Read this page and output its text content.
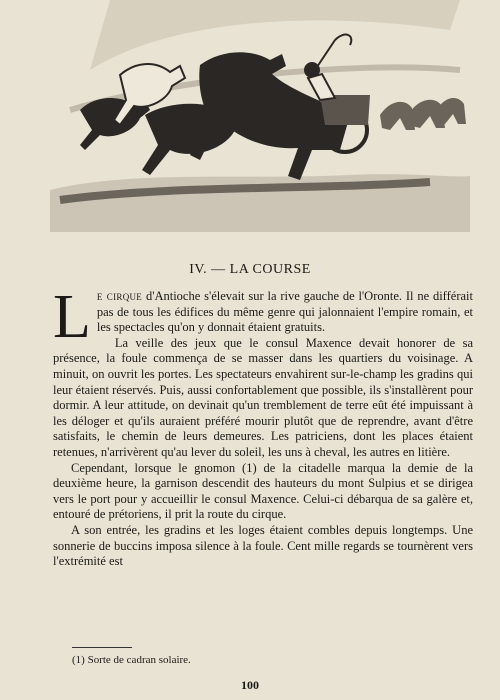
IV. — LA COURSE

Le cirque d'Antioche s'élevait sur la rive gauche de l'Oronte. Il ne différait pas de tous les édifices du même genre qui jalonnaient l'empire romain, et les spectacles qu'on y donnait étaient gratuits.

La veille des jeux que le consul Maxence devait honorer de sa présence, la foule commença de se masser dans les quartiers du voisinage. A minuit, on ouvrit les portes. Les spectateurs envahirent sur-le-champ les gradins qui leur étaient réservés. Puis, aussi confortablement que possible, ils s'installèrent pour dormir. A leur attitude, on devinait qu'un tremblement de terre eût été impuissant à les déloger et qu'ils auraient préféré mourir plutôt que de reprendre, avant d'être satisfaits, le chemin de leurs demeures. Les patriciens, dont les places étaient retenues, n'arrivèrent qu'au lever du soleil, les uns à cheval, les autres en litière.

Cependant, lorsque le gnomon (1) de la citadelle marqua la demie de la deuxième heure, la garnison descendit des hauteurs du mont Sulpius et se dirigea vers le port pour y accueillir le consul Maxence. Celui-ci débarqua de sa galère et, entouré de prétoriens, il prit la route du cirque.

A son entrée, les gradins et les loges étaient combles depuis longtemps. Une sonnerie de buccins imposa silence à la foule. Cent mille regards se tournèrent vers l'extrémité est

(1) Sorte de cadran solaire.
100
